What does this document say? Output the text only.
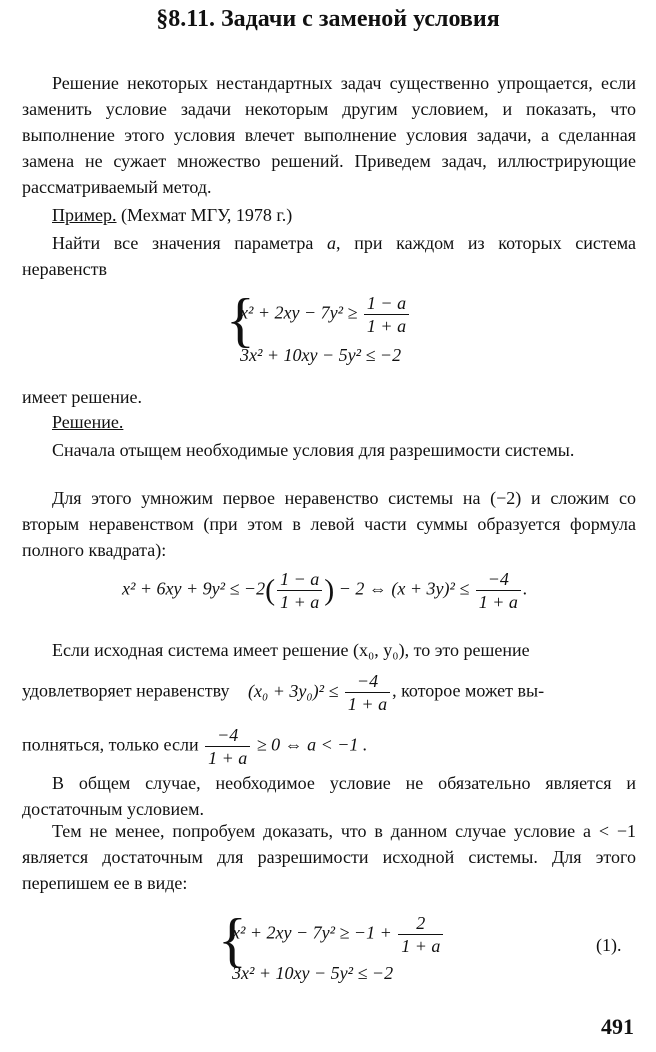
§8.11. Задачи с заменой условия
Решение некоторых нестандартных задач существенно упрощается, если заменить условие задачи некоторым другим условием, и показать, что выполнение этого условия влечет выполнение условия задачи, а сделанная замена не сужает множество решений. Приведем задач, иллюстрирующие рассматриваемый метод.
Пример. (Мехмат МГУ, 1978 г.)
Найти все значения параметра a, при каждом из которых система неравенств
{
$x^2 + 2xy - 7y^2 \ge \frac{1 - a}{1 + a}$
3x² + 10xy − 5y² ≤ −2
имеет решение.
Решение.
Сначала отыщем необходимые условия для разрешимости системы.
Для этого умножим первое неравенство системы на (−2) и сложим со вторым неравенством (при этом в левой части суммы образуется формула полного квадрата):
$x^2 + 6xy + 9y^2 \le -2( \frac{1 - a}{1 + a}$ ) − 2 ⇔ $(x + 3y)^2 \le \frac{-4}{1 + a}$ .
Если исходная система имеет решение (x₀, y₀), то это решение
удовлетворяет неравенству $(x_0 + 3y_0)^2 \le \frac{-4}{1 + a}$ , которое может вы-
полняться, только если $\frac{-4}{1 + a} \ge 0$ ⇔ a < −1 .
В общем случае, необходимое условие не обязательно является и достаточным условием.
Тем не менее, попробуем доказать, что в данном случае условие a < −1 является достаточным для разрешимости исходной системы. Для этого перепишем ее в виде:
{
$x^2 + 2xy - 7y^2 \ge -1 + \frac{2}{1 + a}$	(1).
3x² + 10xy − 5y² ≤ −2
491
